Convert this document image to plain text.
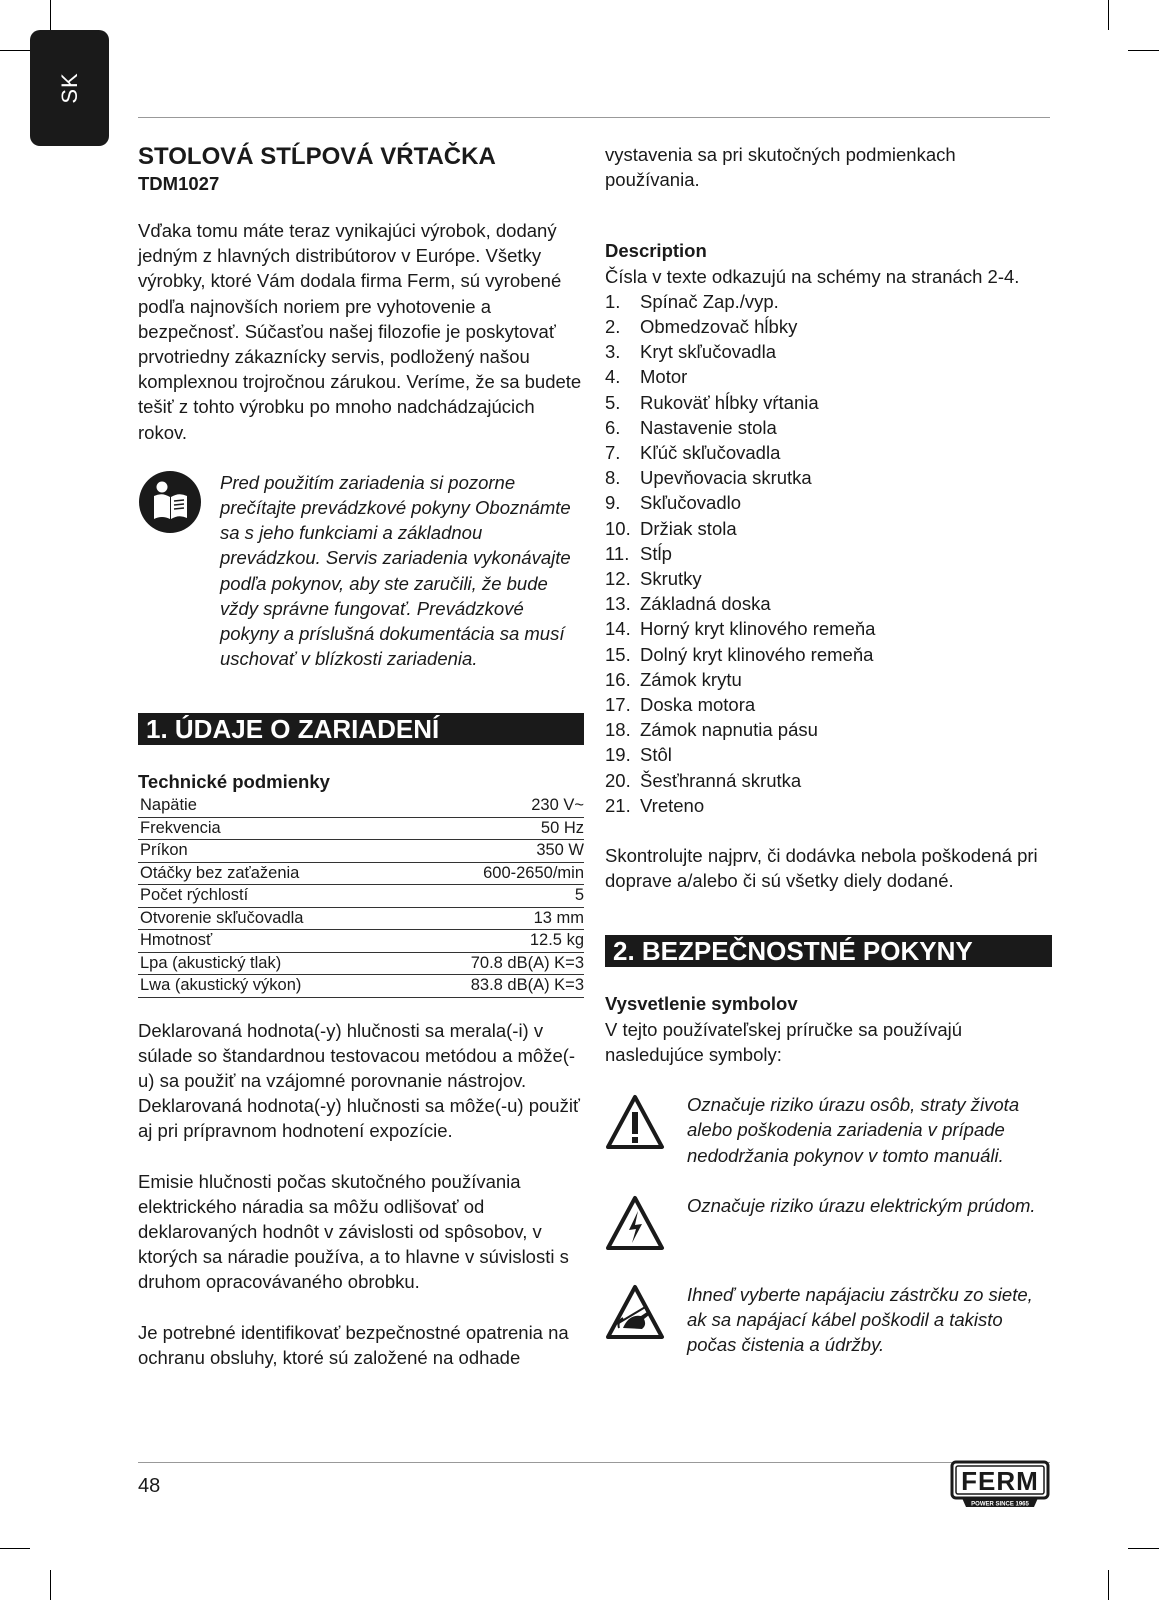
SK
STOLOVÁ STĹPOVÁ VŔTAČKA
TDM1027

Vďaka tomu máte teraz vynikajúci výrobok, dodaný jedným z hlavných distribútorov v Európe. Všetky výrobky, ktoré Vám dodala firma Ferm, sú vyrobené podľa najnovších noriem pre vyhotovenie a bezpečnosť. Súčasťou našej filozofie je poskytovať prvotriedny zákaznícky servis, podložený našou komplexnou trojročnou zárukou. Veríme, že sa budete tešiť z tohto výrobku po mnoho nadchádzajúcich rokov.

Pred použitím zariadenia si pozorne prečítajte prevádzkové pokyny Oboznámte sa s jeho funkciami a základnou prevádzkou. Servis zariadenia vykonávajte podľa pokynov, aby ste zaručili, že bude vždy správne fungovať. Prevádzkové pokyny a príslušná dokumentácia sa musí uschovať v blízkosti zariadenia.
1. ÚDAJE O ZARIADENÍ
Technické podmienky
Napätie	230 V~
Frekvencia	50 Hz
Príkon	350 W
Otáčky bez zaťaženia	600-2650/min
Počet rýchlostí	5
Otvorenie skľučovadla	13 mm
Hmotnosť	12.5 kg
Lpa (akustický tlak)	70.8 dB(A) K=3
Lwa (akustický výkon)	83.8 dB(A) K=3

Deklarovaná hodnota(-y) hlučnosti sa merala(-i) v súlade so štandardnou testovacou metódou a môže(-u) sa použiť na vzájomné porovnanie nástrojov.

Deklarovaná hodnota(-y) hlučnosti sa môže(-u) použiť aj pri prípravnom hodnotení expozície.

Emisie hlučnosti počas skutočného používania elektrického náradia sa môžu odlišovať od deklarovaných hodnôt v závislosti od spôsobov, v ktorých sa náradie používa, a to hlavne v súvislosti s druhom opracovávaného obrobku.

Je potrebné identifikovať bezpečnostné opatrenia na ochranu obsluhy, ktoré sú založené na odhade

vystavenia sa pri skutočných podmienkach používania.

Description

Čísla v texte odkazujú na schémy na stranách 2-4.

1.	Spínač Zap./vyp.
2.	Obmedzovač hĺbky
3.	Kryt skľučovadla
4.	Motor
5.	Rukoväť hĺbky vŕtania
6.	Nastavenie stola
7.	Kľúč skľučovadla
8.	Upevňovacia skrutka
9.	Skľučovadlo
10. Držiak stola
11. Stĺp
12. Skrutky
13. Základná doska
14. Horný kryt klinového remeňa
15. Dolný kryt klinového remeňa
16. Zámok krytu
17. Doska motora
18. Zámok napnutia pásu
19. Stôl
20. Šesťhranná skrutka
21. Vreteno

Skontrolujte najprv, či dodávka nebola poškodená pri doprave a/alebo či sú všetky diely dodané.

2. BEZPEČNOSTNÉ POKYNY
Vysvetlenie symbolov

V tejto používateľskej príručke sa používajú nasledujúce symboly:

Označuje riziko úrazu osôb, straty života alebo poškodenia zariadenia v prípade nedodržania pokynov v tomto manuáli.
Označuje riziko úrazu elektrickým prúdom.
Ihneď vyberte napájaciu zástrčku zo siete, ak sa napájací kábel poškodil a takisto počas čistenia a údržby.
48	FERM
POWER SINCE 1965
